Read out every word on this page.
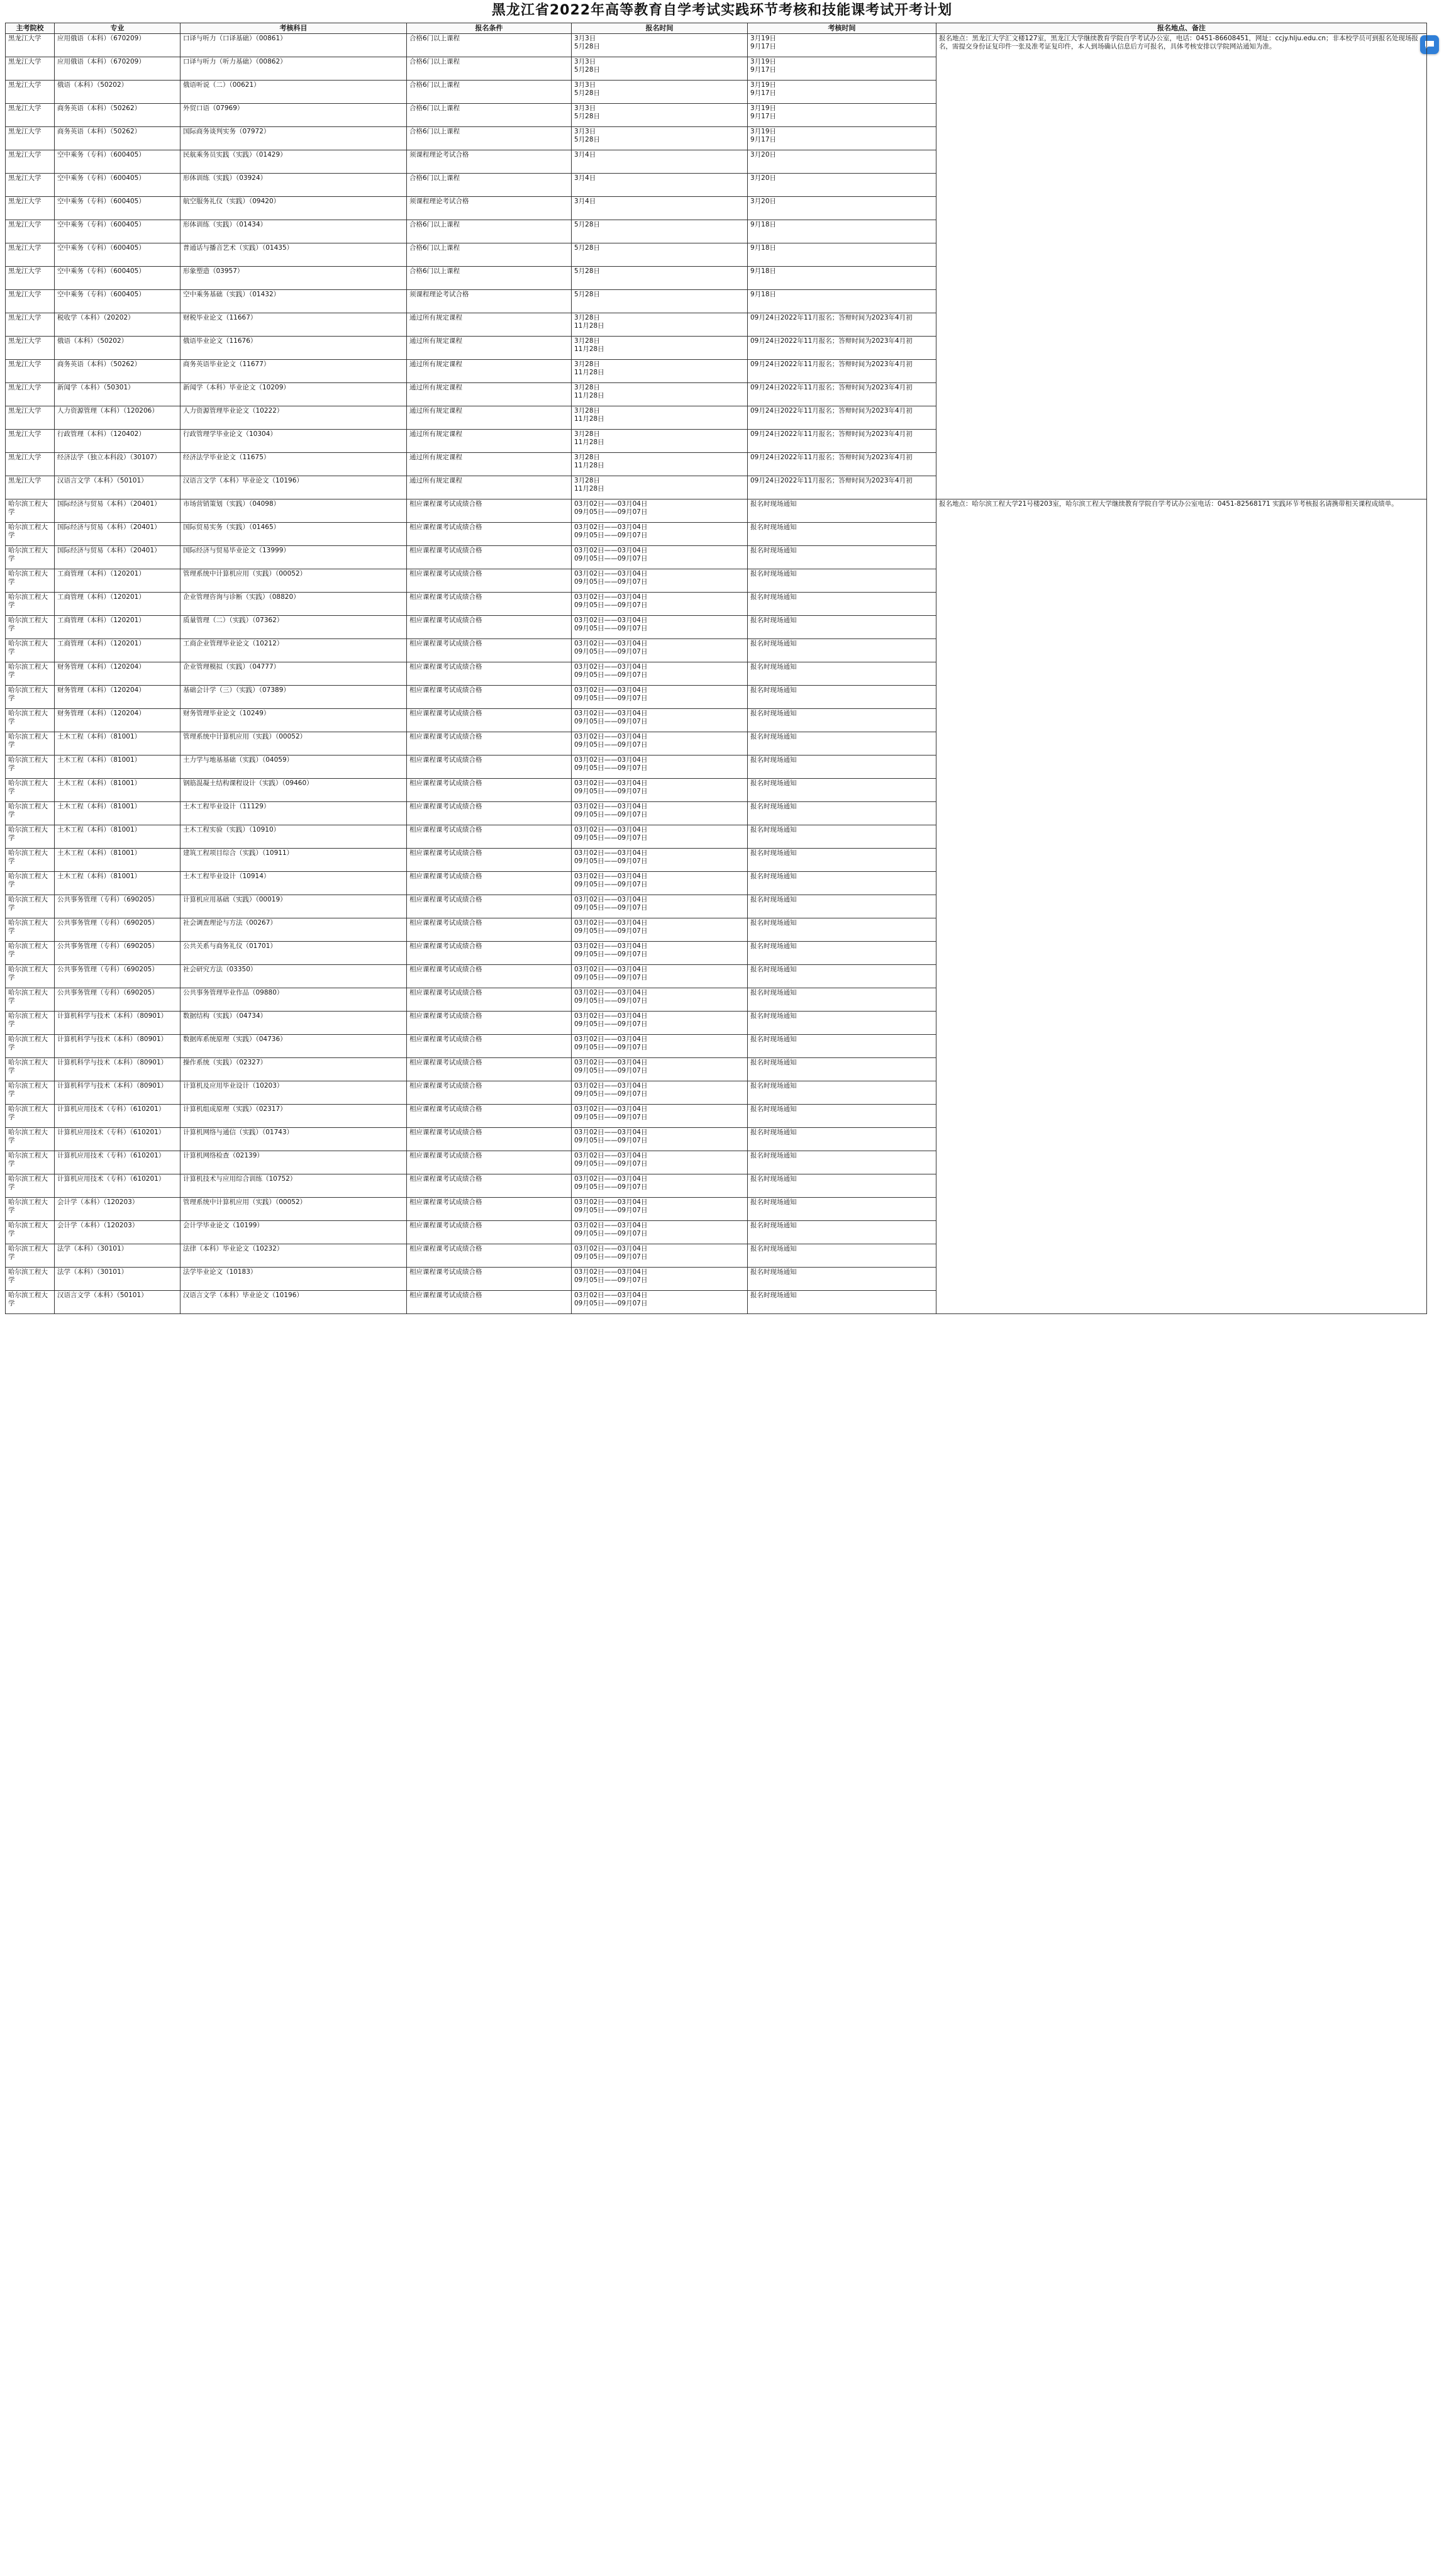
黑龙江省2022年高等教育自学考试实践环节考核和技能课考试开考计划
主考院校	专业	考核科目	报名条件	报名时间	考核时间	报名地点、备注
黑龙江大学	应用俄语（本科）（670209）	口译与听力（口译基础）（00861）	合格6门以上课程	3月3日
5月28日	3月19日
9月17日	报名地点：黑龙江大学汇文楼127室，黑龙江大学继续教育学院自学考试办公室，电话：0451-86608451，网址：ccjy.hlju.edu.cn；非本校学员可到报名处现场报名，需提交身份证复印件一张及准考证复印件，本人到场确认信息后方可报名，具体考核安排以学院网站通知为准。
黑龙江大学	应用俄语（本科）（670209）	口译与听力（听力基础）（00862）	合格6门以上课程	3月3日
5月28日	3月19日
9月17日	
黑龙江大学	俄语（本科）（50202）	俄语听说（二）（00621）	合格6门以上课程	3月3日
5月28日	3月19日
9月17日	
黑龙江大学	商务英语（本科）（50262）	外贸口语（07969）	合格6门以上课程	3月3日
5月28日	3月19日
9月17日	
黑龙江大学	商务英语（本科）（50262）	国际商务谈判实务（07972）	合格6门以上课程	3月3日
5月28日	3月19日
9月17日	
黑龙江大学	空中乘务（专科）（600405）	民航乘务员实践（实践）（01429）	须课程理论考试合格	3月4日	3月20日	
黑龙江大学	空中乘务（专科）（600405）	形体训练（实践）（03924）	合格6门以上课程	3月4日	3月20日	
黑龙江大学	空中乘务（专科）（600405）	航空服务礼仪（实践）（09420）	须课程理论考试合格	3月4日	3月20日	
黑龙江大学	空中乘务（专科）（600405）	形体训练（实践）（01434）	合格6门以上课程	5月28日	9月18日	
黑龙江大学	空中乘务（专科）（600405）	普通话与播音艺术（实践）（01435）	合格6门以上课程	5月28日	9月18日	
黑龙江大学	空中乘务（专科）（600405）	形象塑造（03957）	合格6门以上课程	5月28日	9月18日	
黑龙江大学	空中乘务（专科）（600405）	空中乘务基础（实践）（01432）	须课程理论考试合格	5月28日	9月18日	
黑龙江大学	税收学（本科）（20202）	财税毕业论文（11667）	通过所有规定课程	3月28日
11月28日	09月24日2022年11月报名；答辩时间为2023年4月初	
黑龙江大学	俄语（本科）（50202）	俄语毕业论文（11676）	通过所有规定课程	3月28日
11月28日	09月24日2022年11月报名；答辩时间为2023年4月初	
黑龙江大学	商务英语（本科）（50262）	商务英语毕业论文（11677）	通过所有规定课程	3月28日
11月28日	09月24日2022年11月报名；答辩时间为2023年4月初	
黑龙江大学	新闻学（本科）（50301）	新闻学（本科）毕业论文（10209）	通过所有规定课程	3月28日
11月28日	09月24日2022年11月报名；答辩时间为2023年4月初	
黑龙江大学	人力资源管理（本科）（120206）	人力资源管理毕业论文（10222）	通过所有规定课程	3月28日
11月28日	09月24日2022年11月报名；答辩时间为2023年4月初	
黑龙江大学	行政管理（本科）（120402）	行政管理学毕业论文（10304）	通过所有规定课程	3月28日
11月28日	09月24日2022年11月报名；答辩时间为2023年4月初	
黑龙江大学	经济法学（独立本科段）（30107）	经济法学毕业论文（11675）	通过所有规定课程	3月28日
11月28日	09月24日2022年11月报名；答辩时间为2023年4月初	
黑龙江大学	汉语言文学（本科）（50101）	汉语言文学（本科）毕业论文（10196）	通过所有规定课程	3月28日
11月28日	09月24日2022年11月报名；答辩时间为2023年4月初	
哈尔滨工程大学	国际经济与贸易（本科）（20401）	市场营销策划（实践）（04098）	相应课程课考试成绩合格	03月02日——03月04日
09月05日——09月07日	报名时现场通知	报名地点：哈尔滨工程大学21号楼203室，哈尔滨工程大学继续教育学院自学考试办公室电话：0451-82568171 实践环节考核报名请携带相关课程成绩单。
哈尔滨工程大学	国际经济与贸易（本科）（20401）	国际贸易实务（实践）（01465）	相应课程课考试成绩合格	03月02日——03月04日
09月05日——09月07日	报名时现场通知	
哈尔滨工程大学	国际经济与贸易（本科）（20401）	国际经济与贸易毕业论文（13999）	相应课程课考试成绩合格	03月02日——03月04日
09月05日——09月07日	报名时现场通知	
哈尔滨工程大学	工商管理（本科）（120201）	管理系统中计算机应用（实践）（00052）	相应课程课考试成绩合格	03月02日——03月04日
09月05日——09月07日	报名时现场通知	
哈尔滨工程大学	工商管理（本科）（120201）	企业管理咨询与诊断（实践）（08820）	相应课程课考试成绩合格	03月02日——03月04日
09月05日——09月07日	报名时现场通知	
哈尔滨工程大学	工商管理（本科）（120201）	质量管理（二）（实践）（07362）	相应课程课考试成绩合格	03月02日——03月04日
09月05日——09月07日	报名时现场通知	
哈尔滨工程大学	工商管理（本科）（120201）	工商企业管理毕业论文（10212）	相应课程课考试成绩合格	03月02日——03月04日
09月05日——09月07日	报名时现场通知	
哈尔滨工程大学	财务管理（本科）（120204）	企业管理模拟（实践）（04777）	相应课程课考试成绩合格	03月02日——03月04日
09月05日——09月07日	报名时现场通知	
哈尔滨工程大学	财务管理（本科）（120204）	基础会计学（三）（实践）（07389）	相应课程课考试成绩合格	03月02日——03月04日
09月05日——09月07日	报名时现场通知	
哈尔滨工程大学	财务管理（本科）（120204）	财务管理毕业论文（10249）	相应课程课考试成绩合格	03月02日——03月04日
09月05日——09月07日	报名时现场通知	
哈尔滨工程大学	土木工程（本科）（81001）	管理系统中计算机应用（实践）（00052）	相应课程课考试成绩合格	03月02日——03月04日
09月05日——09月07日	报名时现场通知	
哈尔滨工程大学	土木工程（本科）（81001）	土力学与地基基础（实践）（04059）	相应课程课考试成绩合格	03月02日——03月04日
09月05日——09月07日	报名时现场通知	
哈尔滨工程大学	土木工程（本科）（81001）	钢筋混凝土结构课程设计（实践）（09460）	相应课程课考试成绩合格	03月02日——03月04日
09月05日——09月07日	报名时现场通知	
哈尔滨工程大学	土木工程（本科）（81001）	土木工程毕业设计（11129）	相应课程课考试成绩合格	03月02日——03月04日
09月05日——09月07日	报名时现场通知	
哈尔滨工程大学	土木工程（本科）（81001）	土木工程实验（实践）（10910）	相应课程课考试成绩合格	03月02日——03月04日
09月05日——09月07日	报名时现场通知	
哈尔滨工程大学	土木工程（本科）（81001）	建筑工程项目综合（实践）（10911）	相应课程课考试成绩合格	03月02日——03月04日
09月05日——09月07日	报名时现场通知	
哈尔滨工程大学	土木工程（本科）（81001）	土木工程毕业设计（10914）	相应课程课考试成绩合格	03月02日——03月04日
09月05日——09月07日	报名时现场通知	
哈尔滨工程大学	公共事务管理（专科）（690205）	计算机应用基础（实践）（00019）	相应课程课考试成绩合格	03月02日——03月04日
09月05日——09月07日	报名时现场通知	
哈尔滨工程大学	公共事务管理（专科）（690205）	社会调查理论与方法（00267）	相应课程课考试成绩合格	03月02日——03月04日
09月05日——09月07日	报名时现场通知	
哈尔滨工程大学	公共事务管理（专科）（690205）	公共关系与商务礼仪（01701）	相应课程课考试成绩合格	03月02日——03月04日
09月05日——09月07日	报名时现场通知	
哈尔滨工程大学	公共事务管理（专科）（690205）	社会研究方法（03350）	相应课程课考试成绩合格	03月02日——03月04日
09月05日——09月07日	报名时现场通知	
哈尔滨工程大学	公共事务管理（专科）（690205）	公共事务管理毕业作品（09880）	相应课程课考试成绩合格	03月02日——03月04日
09月05日——09月07日	报名时现场通知	
哈尔滨工程大学	计算机科学与技术（本科）（80901）	数据结构（实践）（04734）	相应课程课考试成绩合格	03月02日——03月04日
09月05日——09月07日	报名时现场通知	
哈尔滨工程大学	计算机科学与技术（本科）（80901）	数据库系统原理（实践）（04736）	相应课程课考试成绩合格	03月02日——03月04日
09月05日——09月07日	报名时现场通知	
哈尔滨工程大学	计算机科学与技术（本科）（80901）	操作系统（实践）（02327）	相应课程课考试成绩合格	03月02日——03月04日
09月05日——09月07日	报名时现场通知	
哈尔滨工程大学	计算机科学与技术（本科）（80901）	计算机及应用毕业设计（10203）	相应课程课考试成绩合格	03月02日——03月04日
09月05日——09月07日	报名时现场通知	
哈尔滨工程大学	计算机应用技术（专科）（610201）	计算机组成原理（实践）（02317）	相应课程课考试成绩合格	03月02日——03月04日
09月05日——09月07日	报名时现场通知	
哈尔滨工程大学	计算机应用技术（专科）（610201）	计算机网络与通信（实践）（01743）	相应课程课考试成绩合格	03月02日——03月04日
09月05日——09月07日	报名时现场通知	
哈尔滨工程大学	计算机应用技术（专科）（610201）	计算机网络检查（02139）	相应课程课考试成绩合格	03月02日——03月04日
09月05日——09月07日	报名时现场通知	
哈尔滨工程大学	计算机应用技术（专科）（610201）	计算机技术与应用综合训练（10752）	相应课程课考试成绩合格	03月02日——03月04日
09月05日——09月07日	报名时现场通知	
哈尔滨工程大学	会计学（本科）（120203）	管理系统中计算机应用（实践）（00052）	相应课程课考试成绩合格	03月02日——03月04日
09月05日——09月07日	报名时现场通知	
哈尔滨工程大学	会计学（本科）（120203）	会计学毕业论文（10199）	相应课程课考试成绩合格	03月02日——03月04日
09月05日——09月07日	报名时现场通知	
哈尔滨工程大学	法学（本科）（30101）	法律（本科）毕业论文（10232）	相应课程课考试成绩合格	03月02日——03月04日
09月05日——09月07日	报名时现场通知	
哈尔滨工程大学	法学（本科）（30101）	法学毕业论文（10183）	相应课程课考试成绩合格	03月02日——03月04日
09月05日——09月07日	报名时现场通知	
哈尔滨工程大学	汉语言文学（本科）（50101）	汉语言文学（本科）毕业论文（10196）	相应课程课考试成绩合格	03月02日——03月04日
09月05日——09月07日	报名时现场通知	
